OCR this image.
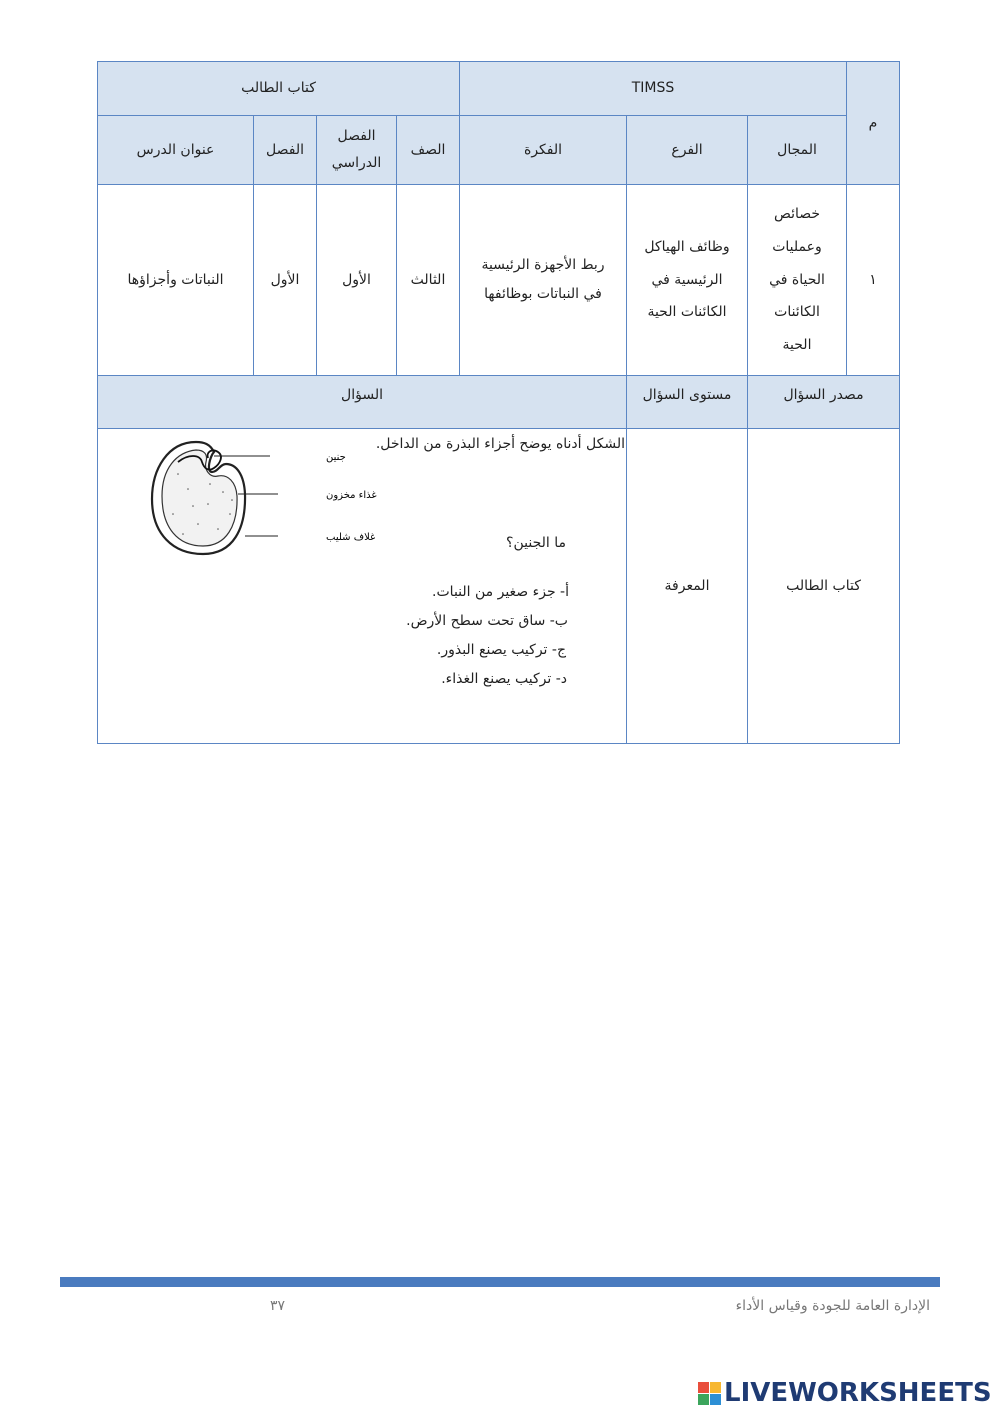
م
TIMSS
كتاب الطالب
المجال
الفرع
الفكرة
الصف
الفصل الدراسي
الفصل
عنوان الدرس
١
خصائص وعمليات الحياة في الكائنات الحية
وظائف الهياكل الرئيسية في الكائنات الحية
ربط الأجهزة الرئيسية في النباتات بوظائفها
الثالث
الأول
الأول
النباتات وأجزاؤها
مصدر السؤال
مستوى السؤال
السؤال
كتاب الطالب
المعرفة
الشكل أدناه يوضح أجزاء البذرة من الداخل.
ما الجنين؟
أ- جزء صغير من النبات.
ب- ساق تحت سطح الأرض.
ج- تركيب يصنع البذور.
د- تركيب يصنع الغذاء.
جنين
غذاء مخزون
غلاف شليب
الإدارة العامة للجودة وقياس الأداء
٣٧
LIVEWORKSHEETS
